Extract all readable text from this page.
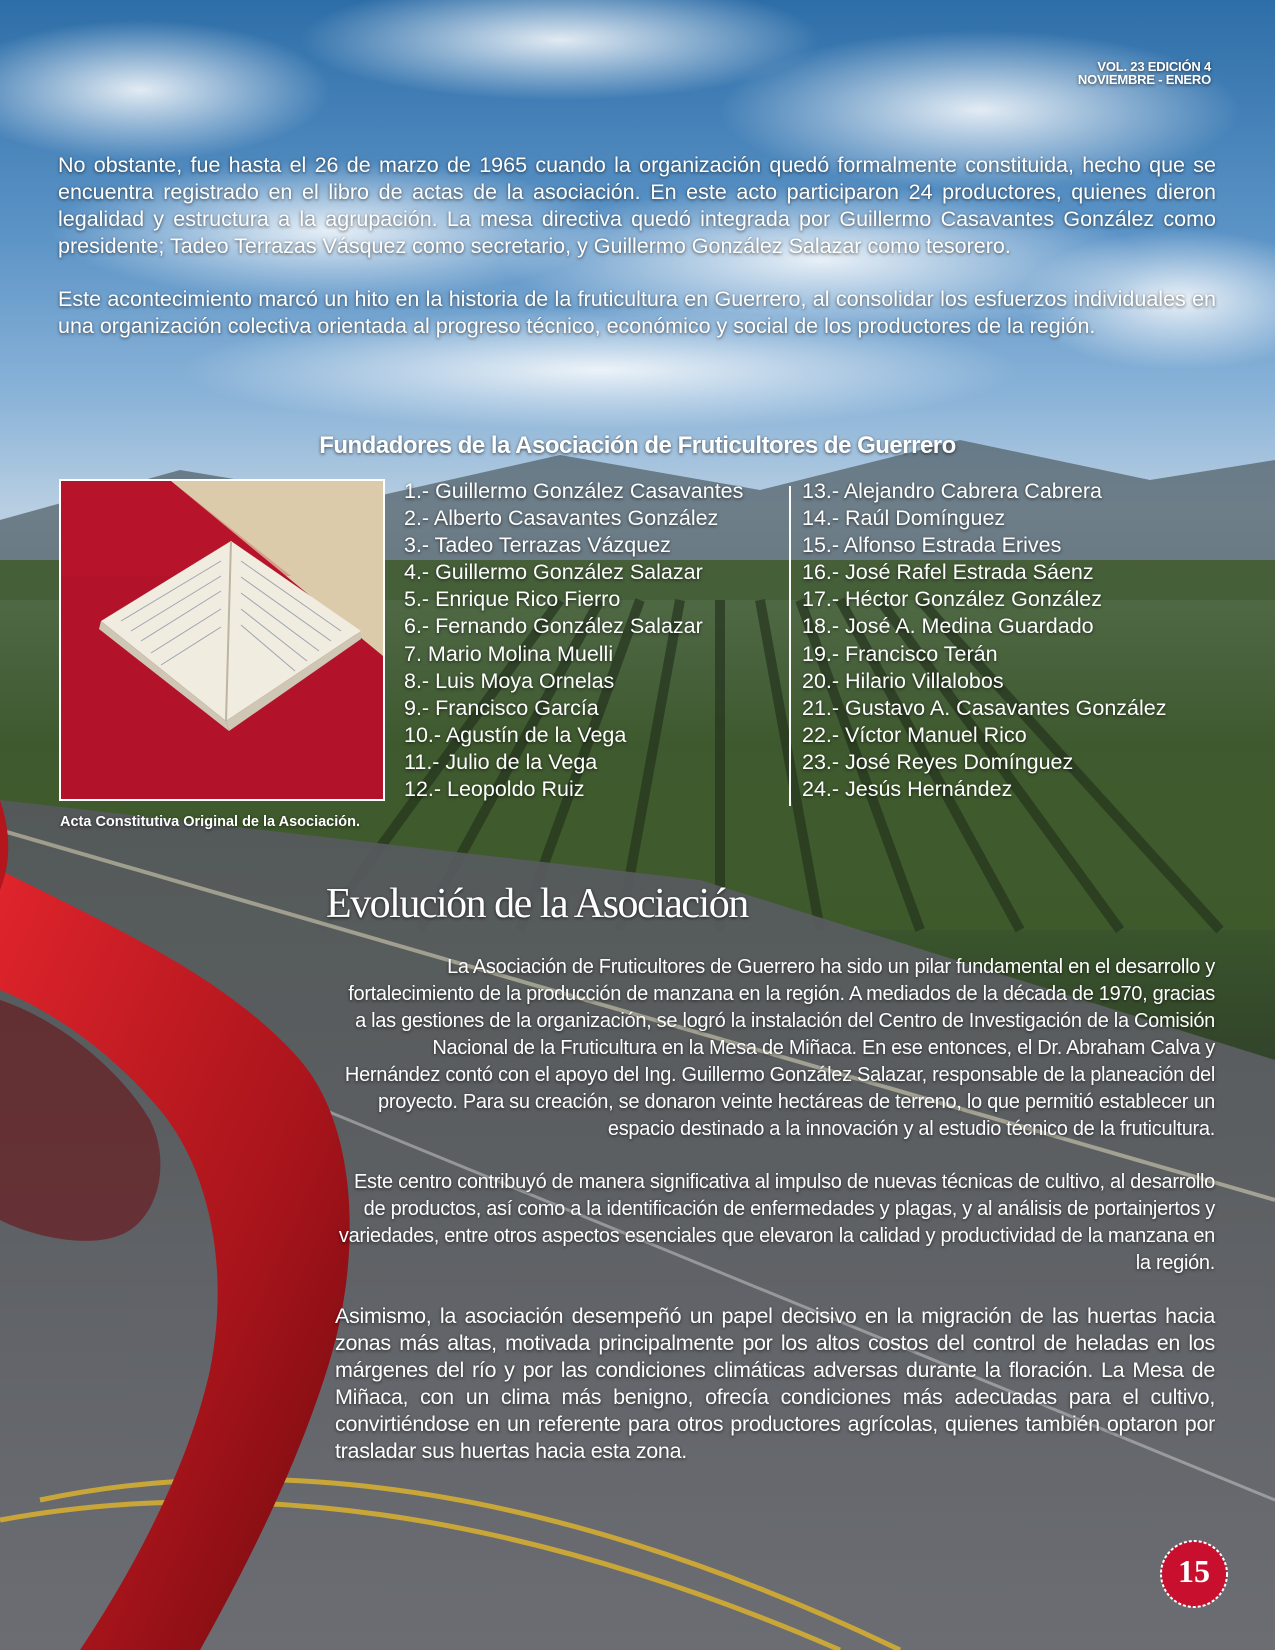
VOL. 23 EDICIÓN 4
NOVIEMBRE - ENERO

No obstante, fue hasta el 26 de marzo de 1965 cuando la organización quedó formalmente constituida, hecho que se encuentra registrado en el libro de actas de la asociación. En este acto participaron 24 productores, quienes dieron legalidad y estructura a la agrupación. La mesa directiva quedó integrada por Guillermo Casavantes González como presidente; Tadeo Terrazas Vásquez como secretario, y Guillermo González Salazar como tesorero.

Este acontecimiento marcó un hito en la historia de la fruticultura en Guerrero, al consolidar los esfuerzos individuales en una organización colectiva orientada al progreso técnico, económico y social de los productores de la región.

Fundadores de la Asociación de Fruticultores de Guerrero
Acta Constitutiva Original de la Asociación.
1.- Guillermo González Casavantes
2.- Alberto Casavantes González
3.- Tadeo Terrazas Vázquez
4.- Guillermo González Salazar
5.- Enrique Rico Fierro
6.- Fernando González Salazar
7. Mario Molina Muelli
8.- Luis Moya Ornelas
9.- Francisco García
10.- Agustín de la Vega
11.- Julio de la Vega
12.- Leopoldo Ruiz
13.- Alejandro Cabrera Cabrera
14.- Raúl Domínguez
15.- Alfonso Estrada Erives
16.- José Rafel Estrada Sáenz
17.- Héctor González González
18.- José A. Medina Guardado
19.- Francisco Terán
20.- Hilario Villalobos
21.- Gustavo A. Casavantes González
22.- Víctor Manuel Rico
23.- José Reyes Domínguez
24.- Jesús Hernández
Evolución de la Asociación

La Asociación de Fruticultores de Guerrero ha sido un pilar fundamental en el desarrollo y fortalecimiento de la producción de manzana en la región. A mediados de la década de 1970, gracias a las gestiones de la organización, se logró la instalación del Centro de Investigación de la Comisión Nacional de la Fruticultura en la Mesa de Miñaca. En ese entonces, el Dr. Abraham Calva y Hernández contó con el apoyo del Ing. Guillermo González Salazar, responsable de la planeación del proyecto. Para su creación, se donaron veinte hectáreas de terreno, lo que permitió establecer un espacio destinado a la innovación y al estudio técnico de la fruticultura.

Este centro contribuyó de manera significativa al impulso de nuevas técnicas de cultivo, al desarrollo de productos, así como a la identificación de enfermedades y plagas, y al análisis de portainjertos y variedades, entre otros aspectos esenciales que elevaron la calidad y productividad de la manzana en la región.

Asimismo, la asociación desempeñó un papel decisivo en la migración de las huertas hacia zonas más altas, motivada principalmente por los altos costos del control de heladas en los márgenes del río y por las condiciones climáticas adversas durante la floración. La Mesa de Miñaca, con un clima más benigno, ofrecía condiciones más adecuadas para el cultivo, convirtiéndose en un referente para otros productores agrícolas, quienes también optaron por trasladar sus huertas hacia esta zona.

15
